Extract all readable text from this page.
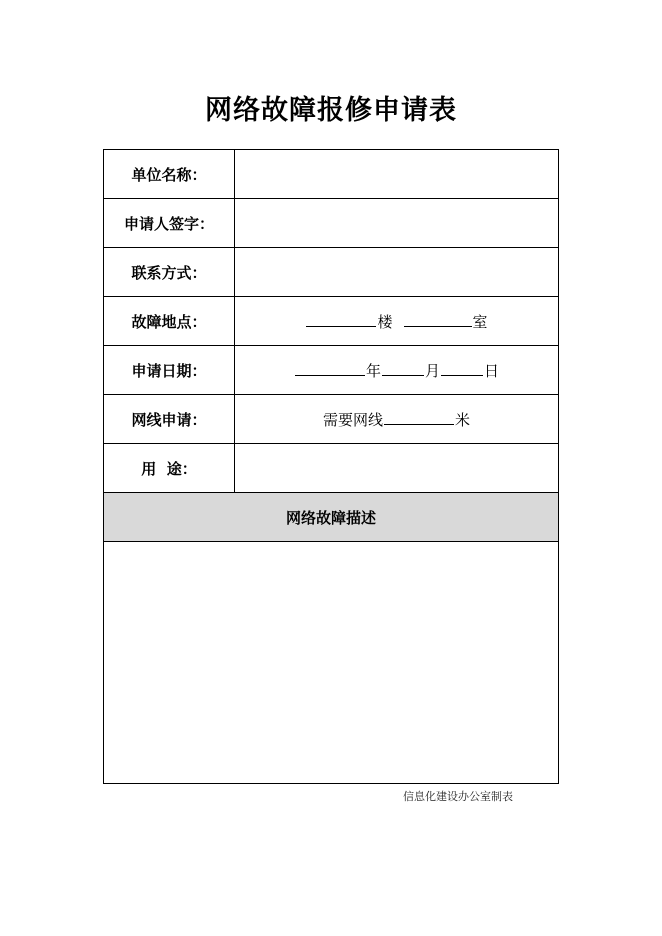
网络故障报修申请表
单位名称：	
申请人签字：	
联系方式：	
故障地点：	楼 室
申请日期：	年 月 日
网线申请：	需要网线 米
用  途：	
网络故障描述	

信息化建设办公室制表
